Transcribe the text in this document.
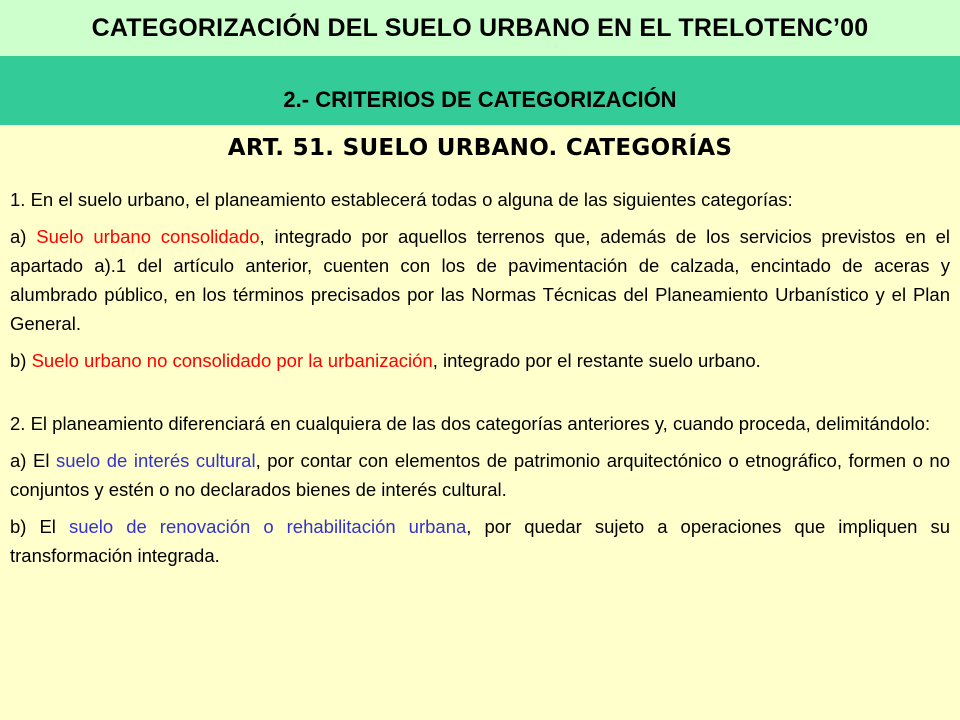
CATEGORIZACIÓN DEL SUELO URBANO EN EL TRELOTENC’00
2.- CRITERIOS DE CATEGORIZACIÓN
ART. 51. SUELO URBANO. CATEGORÍAS

1. En el suelo urbano, el planeamiento establecerá todas o alguna de las siguientes categorías:

a) Suelo urbano consolidado, integrado por aquellos terrenos que, además de los servicios previstos en el apartado a).1 del artículo anterior, cuenten con los de pavimentación de calzada, encintado de aceras y alumbrado público, en los términos precisados por las Normas Técnicas del Planeamiento Urbanístico y el Plan General.

b) Suelo urbano no consolidado por la urbanización, integrado por el restante suelo urbano.

2. El planeamiento diferenciará en cualquiera de las dos categorías anteriores y, cuando proceda, delimitándolo:

a) El suelo de interés cultural, por contar con elementos de patrimonio arquitectónico o etnográfico, formen o no conjuntos y estén o no declarados bienes de interés cultural.

b) El suelo de renovación o rehabilitación urbana, por quedar sujeto a operaciones que impliquen su transformación integrada.
